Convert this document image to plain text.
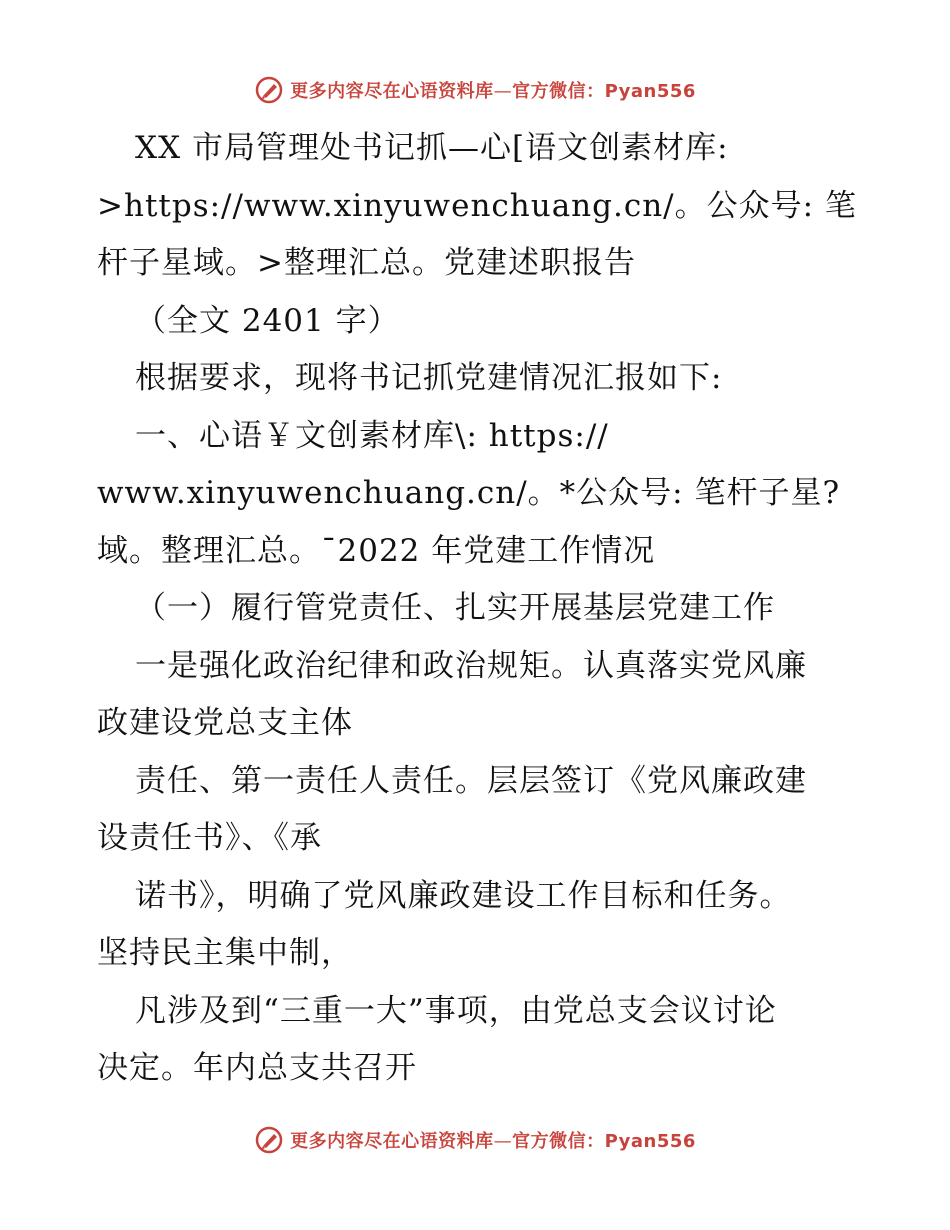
更多内容尽在心语资料库—官方微信：Pyan556
XX 市局管理处书记抓—心[语文创素材库:
>https://www.xinyuwenchuang.cn/。公众号: 笔
杆子星域。>整理汇总。党建述职报告
（全文 2401 字）
根据要求，现将书记抓党建情况汇报如下:
一、心语￥文创素材库\: https://
www.xinyuwenchuang.cn/。*公众号: 笔杆子星?
域。整理汇总。¯2022 年党建工作情况
（一）履行管党责任、扎实开展基层党建工作
一是强化政治纪律和政治规矩。认真落实党风廉
政建设党总支主体
责任、第一责任人责任。层层签订《党风廉政建
设责任书》、《承
诺书》，明确了党风廉政建设工作目标和任务。
坚持民主集中制，
凡涉及到“三重一大”事项，由党总支会议讨论
决定。年内总支共召开
更多内容尽在心语资料库—官方微信：Pyan556
